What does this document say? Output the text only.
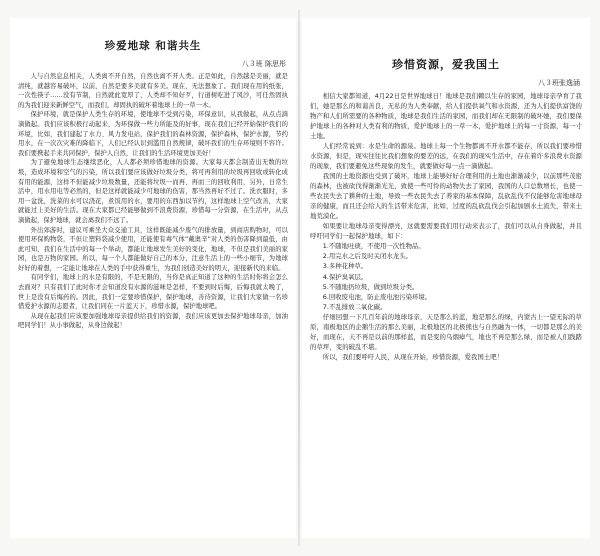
珍爱地球 和谐共生
八３班 陈思彤

人与自然息息相关，人类离不开自然，自然也离不开人类。正是如此，自然越是美丽，就是清纯，就越容易破坏，以前，自然是要多美就有多美。现在，无法想象了。我们现在用的纸张，一次性筷子……没有节制，自然就此宽厚了，人类却不知好歹，行道树吃进了风沙，可任然固执的为我们迎来新鲜空气，而我们，却固执的破坏着地球上的一草一木。

保护环境，就是保护人类生存的环境，使地球不受到污染，环保意识，从我做起，从点点滴滴做起。我们应该积极行动起来，为环保做一些力所能及的好事，现在我们已经开始保护我们的环境，比如，我们建起了水力、风力发电站，保护我们的森林资源，保护森林，保护水源，节约用水，在一次次灾难的降临下，人们已经认识到滥用自然规律，破坏我们的生存环境则不容许。我们要携起手来共同保护，保护人自然，让我们的生活环境更加美好！

为了避免地球生态继续恶化，人人都必须珍惜地球的资源。大家每天都会制造出无数的垃圾，造成环境和空气的污染，所以我们要应该做好垃圾分类，将可再利用的垃圾再回收或转化成有用的能源，这样不但能减少垃圾数量，还能将垃圾一而再、再而三的回收利用，另外，日常生活中，用水用电等必然的，但是这样就能减少可地球的伤害，那当然再好不过了。洗衣服时，多用一盆洗，洗菜的水可以浇花，煮饭用的水，要用的东西加以节约，这样地球上空气改善，大家就能过上美好的生活。现在大家都已经能够做到不浪费资源，珍惜每一分资源，在生活中，从点滴做起，保护地球，就会离我们不远了。

外出郊游时，建议可乘坐大众交通工具，这样既能减少废气的排放量，到商店购物时，可以使用环保购物袋，不但让塑料袋减少使用，还能使有毒气体“戴奥辛”对人类的伤害降到最低，由此可知，我们在生活中的每一个举动，都能让地球发生美好的变化，地球，不但是我们美丽的家园，也是万物的家园。所以，每一个人都能做好自己的本分，注意生活上的一些小细节，为地球好好的着想，一定能让地球在人类的手中获得重生，为我们创造美好的明天，迎接新代的来临。

有同学们，地球上的水是有限的，不是无限的，当你是真正知道了这种的生活时你将会怎么去面对？只有我们了此时你才会知道没有水源的滋味是怎样，不要到时后悔，后悔我就太晚了，世上是没有后悔药的。因此，我们一定要珍惜保护，保护地球，善待资源，让我们大家做一名珍惜爱护水源的志愿者，让我们同在一片蓝天下，珍惜水源，保护地球吧。

从现在起我们应该要加强地球母亲提供给我们的资源，我们应该更加去保护地球母亲，加油吧同学们！从小事做起，从身边做起！

珍惜资源，爱我国土
八３班张逸涵

相信大家都知道，4月22日是世界地球日！地球是我们赖以生存的家园，地球母亲孕育了我们，她是那么的和蔼善良，无私的为人类奉献，给人们提供氧气和水资源，还为人们提供富饶的物产和人们所需要的各种物质，地球是我们生活的家园，而我们却在无限制的破坏她，我们要保护地球上的各种对人类有利的物质，爱护地球上的一草一木，爱护地球上的每一寸资源，每一寸土地。

人们经常说到：水是生命的源泉。地球上每一个生物都离不开水都不能存，所以我们要珍惜水资源，但是，现实往往比我们想象的要差的远，在我们的现实生活中，存在着许多浪费水资源的现象，我们要避免这些现象的发生，就要做好每一点一滴做起。

我国的土地资源也受到了破坏，地球上能够好好合理利用的土地也渐渐减少，以前那些茂密的森林，也被砍伐得渐渐光光，致使一些可怜的动物失去了家园，我国的人口总数增长，也使一些农民失去了耕种的土地，导致一些农民失去了养家的基本保障，乱砍乱伐不仅能够危害地球母亲的健康，而且还会给人的生活带来危害，比如，过度的乱砍乱伐会引起加剧水土流失，带来土地荒漠化。

如果要让地球母亲变得漂亮，这就要需要我们用行动来表示了，我们可以从自身做起，并且呼吁同学们一起保护地球，如下：

1.不随地吐痰，不使用一次性物品。
2.用完水之后及时关闭水龙头。
3.多种花种草。
4.保护臭氧层。
5.不随地扔垃圾，做到垃圾分类。
6.回收废电池，防止废电池污染环境。
7.不乱排放二氧化碳。

仔细回想一下几百年前的地球母亲，天是那么的蓝，地是那么的绿，内蒙古上一望无际的草原，南极地区的企鹅生活的那么美丽，北极地区的北极熊也与自然融为一体，一切都是那么的美好，而现在，天不再是以前的那样蓝，而是变的乌烟瘴气，地也不再是那么绿，而是被人们践踏的草坪，变的破乱不堪。

所以，我们要呼吁人民，从现在开始，珍惜资源，爱我国土吧！
